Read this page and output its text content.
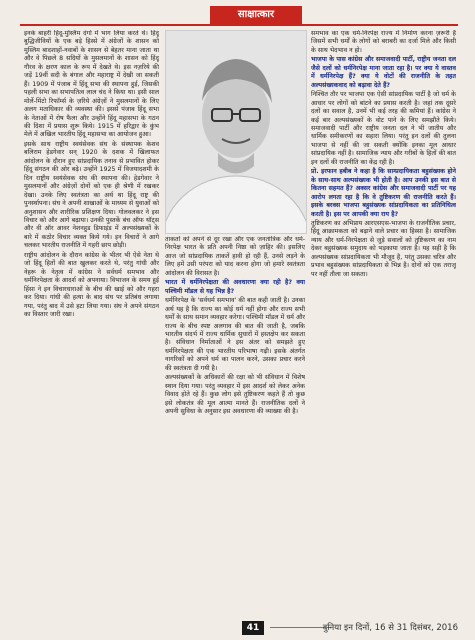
साक्षात्कार

इनके बाहरी हिंदू-मुस्लिम दंगों में भाग लिया करते थे। हिंदू बुद्धिजीवियों के एक बड़े हिस्से में अंग्रेजों के शासन को मुस्लिम बादशाहों-नवाबों के शासन से बेहतर माना जाता था और वे पिछले 8 सदियों के मुसलमानों के शासन को हिंदू गौरव के क्षरण काल के रूप में देखते थे। इस नज़रिये की जड़ें 19वीं सदी के बंगाल और महाराष्ट्र में देखी जा सकती हैं। 1909 में पंजाब में हिंदू सभा की स्थापना हुई, जिसकी पहली सभा का सभापतित्व लाल चंद ने किया था। इसी साल मोर्ले-मिंटो रिफॉर्म्स के ज़रिये अंग्रेज़ों ने मुसलमानों के लिए अलग मताधिकार की व्यवस्था की। इससे पंजाब हिंदू सभा के नेताओं में रोष फैला और उन्होंने हिंदू महासभा के गठन की दिशा में प्रयास शुरू किये। 1915 में हरिद्वार के कुंभ मेले में अखिल भारतीय हिंदू महासभा का आयोजन हुआ।

इसके साथ राष्ट्रीय स्वयंसेवक संघ के संस्थापक केशव बलिराम हेडगेवार सन् 1920 के दशक में खिलाफत आंदोलन के दौरान हुए सांप्रदायिक तनाव से प्रभावित होकर हिंदू संगठन की ओर बढ़े। उन्होंने 1925 में विजयादशमी के दिन राष्ट्रीय स्वयंसेवक संघ की स्थापना की। हेडगेवार ने मुसलमानों और अंग्रेज़ों दोनों को एक ही श्रेणी में रखकर देखा। उनके लिए स्वतंत्रता का अर्थ था हिंदू राष्ट्र की पुनर्स्थापना। संघ ने अपनी शाखाओं के माध्यम से युवाओं को अनुशासन और शारीरिक प्रशिक्षण दिया। गोलवलकर ने इस विचार को और आगे बढ़ाया। उनकी पुस्तकें बंच ऑफ थॉट्स और वी ऑर आवर नेशनहुड डिफाइंड में अल्पसंख्यकों के बारे में कठोर विचार व्यक्त किये गये। इन विचारों ने आगे चलकर भारतीय राजनीति में गहरी छाप छोड़ी।

राष्ट्रीय आंदोलन के दौरान कांग्रेस के भीतर भी ऐसे नेता थे जो हिंदू हितों की बात खुलकर करते थे, परंतु गांधी और नेहरू के नेतृत्व में कांग्रेस ने सर्वधर्म समभाव और धर्मनिरपेक्षता के आदर्श को अपनाया। विभाजन के समय हुई हिंसा ने इन विचारधाराओं के बीच की खाई को और गहरा कर दिया। गांधी की हत्या के बाद संघ पर प्रतिबंध लगाया गया, परंतु बाद में उसे हटा लिया गया। संघ ने अपने संगठन का विस्तार जारी रखा।

ताकतों को अपने से दूर रखा और एक जनतांत्रिक और धर्म-निरपेक्ष भारत के प्रति अपनी निष्ठा को ज़ाहिर की। इसलिए आज जो सांप्रदायिक ताकतें हावी हो रही हैं, उनसे लड़ने के लिए हमें उसी परंपरा को याद करना होगा जो हमारे स्वतंत्रता आंदोलन की विरासत है।

भारत में धर्मनिरपेक्षता की अवधारणा क्या रही है? क्या पश्चिमी मॉडल से यह भिन्न है?

धर्मनिरपेक्ष के 'सर्वधर्म समभाव' की बात कही जाती है। उनका अर्थ यह है कि राज्य का कोई धर्म नहीं होगा और राज्य सभी धर्मों के साथ समान व्यवहार करेगा। पश्चिमी मॉडल में धर्म और राज्य के बीच स्पष्ट अलगाव की बात की जाती है, जबकि भारतीय संदर्भ में राज्य धार्मिक सुधारों में हस्तक्षेप कर सकता है। संविधान निर्माताओं ने इस अंतर को समझते हुए धर्मनिरपेक्षता की एक भारतीय परिभाषा गढ़ी। इसके अंतर्गत नागरिकों को अपने धर्म का पालन करने, उसका प्रचार करने की स्वतंत्रता दी गयी है।

अल्पसंख्यकों के अधिकारों की रक्षा को भी संविधान में विशेष स्थान दिया गया। परंतु व्यवहार में इस आदर्श को लेकर अनेक विवाद होते रहे हैं। कुछ लोग इसे तुष्टिकरण कहते हैं तो कुछ इसे लोकतंत्र की मूल आत्मा मानते हैं। राजनीतिक दलों ने अपनी सुविधा के अनुसार इस अवधारणा की व्याख्या की है।

समभाव का एक धर्म-निरपेक्ष राज्य में निर्माण करना ज़रूरी है जिसमें सभी धर्मों के लोगों को बराबरी का दर्जा मिले और किसी के साथ भेदभाव न हो।

भाजपा के पास कांग्रेस और समाजवादी पार्टी, राष्ट्रीय जनता दल जैसे दलों को धर्मनिरपेक्ष माना जाता रहा है। पर क्या ये वास्तव में धर्मनिरपेक्ष हैं? क्या ये वोटों की राजनीति के तहत अल्पसंख्यकवाद को बढ़ावा देते हैं?

निश्चित तौर पर भाजपा एक ऐसी सांप्रदायिक पार्टी है जो धर्म के आधार पर लोगों को बांटने का प्रयास करती है। जहां तक दूसरे दलों का सवाल है, उनमें भी कई तरह की कमियां हैं। कांग्रेस ने कई बार अल्पसंख्यकों के वोट पाने के लिए समझौते किये। समाजवादी पार्टी और राष्ट्रीय जनता दल ने भी जातीय और धार्मिक समीकरणों का सहारा लिया। परंतु इन दलों की तुलना भाजपा से नहीं की जा सकती क्योंकि इनका मूल आधार सांप्रदायिक नहीं है। सामाजिक न्याय और गरीबों के हितों की बात इन दलों की राजनीति का केंद्र रही है।

प्रो. इरफान हबीब ने कहा है कि साम्प्रदायिकता बहुसंख्यक होने के साथ-साथ अल्पसंख्यक भी होती है। आप उनकी इस बात से कितना सहमत हैं? अक्सर कांग्रेस और समाजवादी पार्टी पर यह आरोप लगता रहा है कि वे तुष्टिकरण की राजनीति करते हैं। इसके बरक्स भाजपा बहुसंख्यक सांप्रदायिकता का प्रतिनिधित्व करती है। इस पर आपकी क्या राय है?

तुष्टिकरण का अभिप्राय आरएसएस-भाजपा के राजनीतिक प्रचार, हिंदू आक्रामकता को बढ़ाने वाले प्रचार का हिस्सा है। सामाजिक न्याय और धर्म-निरपेक्षता से जुड़े सवालों को तुष्टिकरण का नाम देकर बहुसंख्यक समुदाय को भड़काया जाता है। यह सही है कि अल्पसंख्यक सांप्रदायिकता भी मौजूद है, परंतु उसका चरित्र और प्रभाव बहुसंख्यक सांप्रदायिकता से भिन्न है। दोनों को एक तराजू पर नहीं तौला जा सकता।

41	दुनिया इन दिनों, 16 से 31 दिसंबर, 2016
